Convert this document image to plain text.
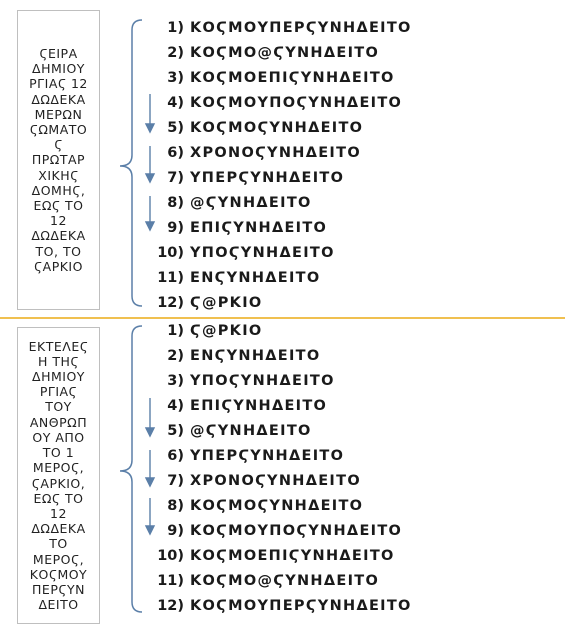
ϚΕΙΡΑ
ΔΗΜΙΟΥ
ΡΓΙΑϚ 12
ΔΩΔΕΚΑ
ΜΕΡΩΝ
ϚΩΜΑΤΟ
Ϛ
ΠΡΩΤΑΡ
ΧΙΚΗϚ
ΔΟΜΗϚ,
ΕΩϚ ΤΟ
12
ΔΩΔΕΚΑ
ΤΟ, ΤΟ
ϚΑΡΚΙΟ
1) ΚΟϚΜΟΥΠΕΡϚΥΝΗΔΕΙΤΟ
2) ΚΟϚΜΟ@ϚΥΝΗΔΕΙΤΟ
3) ΚΟϚΜΟΕΠΙϚΥΝΗΔΕΙΤΟ
4) ΚΟϚΜΟΥΠΟϚΥΝΗΔΕΙΤΟ
5) ΚΟϚΜΟϚΥΝΗΔΕΙΤΟ
6) ΧΡΟΝΟϚΥΝΗΔΕΙΤΟ
7) ΥΠΕΡϚΥΝΗΔΕΙΤΟ
8) @ϚΥΝΗΔΕΙΤΟ
9) ΕΠΙϚΥΝΗΔΕΙΤΟ
10) ΥΠΟϚΥΝΗΔΕΙΤΟ
11) ΕΝϚΥΝΗΔΕΙΤΟ
12) Ϛ@ΡΚΙΟ
ΕΚΤΕΛΕϚ
Η ΤΗϚ
ΔΗΜΙΟΥ
ΡΓΙΑϚ
ΤΟΥ
ΑΝΘΡΩΠ
ΟΥ ΑΠΟ
ΤΟ 1
ΜΕΡΟϚ,
ϚΑΡΚΙΟ,
ΕΩϚ ΤΟ
12
ΔΩΔΕΚΑ
ΤΟ
ΜΕΡΟϚ,
ΚΟϚΜΟΥ
ΠΕΡϚΥΝ
ΔΕΙΤΟ
1) Ϛ@ΡΚΙΟ
2) ΕΝϚΥΝΗΔΕΙΤΟ
3) ΥΠΟϚΥΝΗΔΕΙΤΟ
4) ΕΠΙϚΥΝΗΔΕΙΤΟ
5) @ϚΥΝΗΔΕΙΤΟ
6) ΥΠΕΡϚΥΝΗΔΕΙΤΟ
7) ΧΡΟΝΟϚΥΝΗΔΕΙΤΟ
8) ΚΟϚΜΟϚΥΝΗΔΕΙΤΟ
9) ΚΟϚΜΟΥΠΟϚΥΝΗΔΕΙΤΟ
10) ΚΟϚΜΟΕΠΙϚΥΝΗΔΕΙΤΟ
11) ΚΟϚΜΟ@ϚΥΝΗΔΕΙΤΟ
12) ΚΟϚΜΟΥΠΕΡϚΥΝΗΔΕΙΤΟ
